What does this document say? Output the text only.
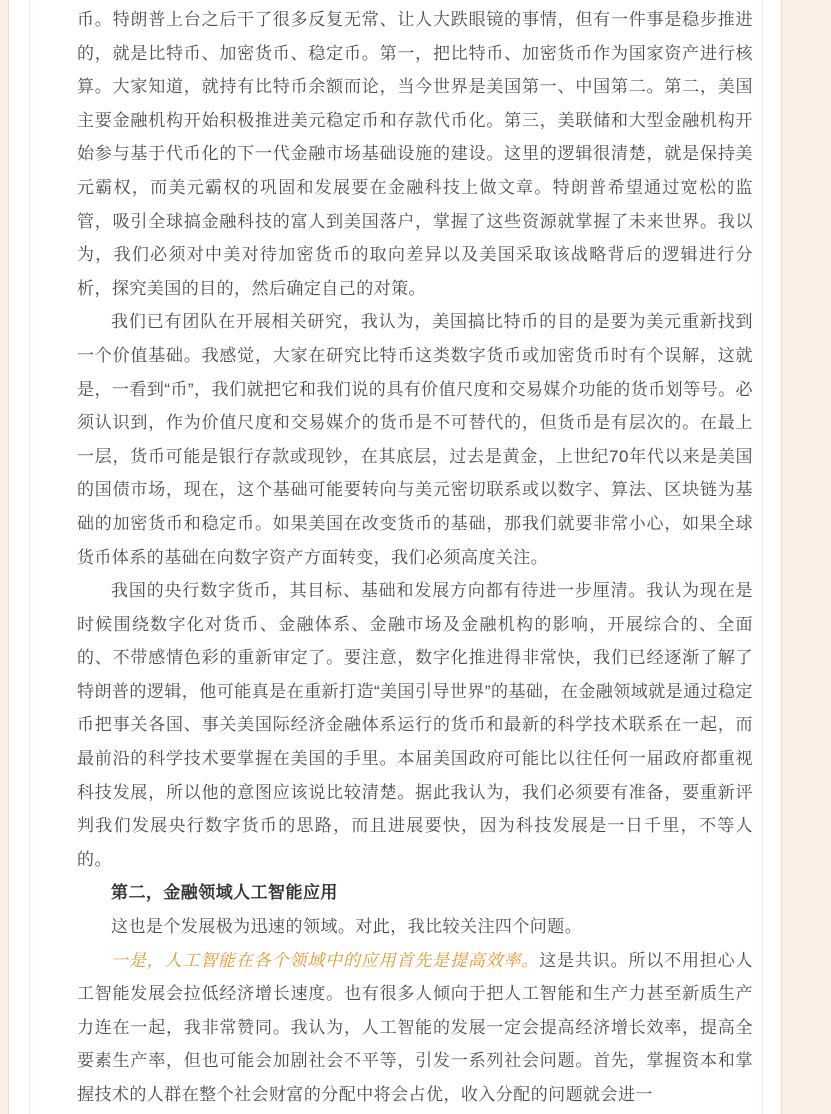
币。特朗普上台之后干了很多反复无常、让人大跌眼镜的事情，但有一件事是稳步推进的，就是比特币、加密货币、稳定币。第一，把比特币、加密货币作为国家资产进行核算。大家知道，就持有比特币余额而论，当今世界是美国第一、中国第二。第二，美国主要金融机构开始积极推进美元稳定币和存款代币化。第三，美联储和大型金融机构开始参与基于代币化的下一代金融市场基础设施的建设。这里的逻辑很清楚，就是保持美元霸权，而美元霸权的巩固和发展要在金融科技上做文章。特朗普希望通过宽松的监管，吸引全球搞金融科技的富人到美国落户，掌握了这些资源就掌握了未来世界。我以为，我们必须对中美对待加密货币的取向差异以及美国采取该战略背后的逻辑进行分析，探究美国的目的，然后确定自己的对策。

我们已有团队在开展相关研究，我认为，美国搞比特币的目的是要为美元重新找到一个价值基础。我感觉，大家在研究比特币这类数字货币或加密货币时有个误解，这就是，一看到“币”，我们就把它和我们说的具有价值尺度和交易媒介功能的货币划等号。必须认识到，作为价值尺度和交易媒介的货币是不可替代的，但货币是有层次的。在最上一层，货币可能是银行存款或现钞，在其底层，过去是黄金，上世纪70年代以来是美国的国债市场，现在，这个基础可能要转向与美元密切联系或以数字、算法、区块链为基础的加密货币和稳定币。如果美国在改变货币的基础，那我们就要非常小心，如果全球货币体系的基础在向数字资产方面转变，我们必须高度关注。

我国的央行数字货币，其目标、基础和发展方向都有待进一步厘清。我认为现在是时候围绕数字化对货币、金融体系、金融市场及金融机构的影响，开展综合的、全面的、不带感情色彩的重新审定了。要注意，数字化推进得非常快，我们已经逐渐了解了特朗普的逻辑，他可能真是在重新打造“美国引导世界”的基础，在金融领域就是通过稳定币把事关各国、事关美国际经济金融体系运行的货币和最新的科学技术联系在一起，而最前沿的科学技术要掌握在美国的手里。本届美国政府可能比以往任何一届政府都重视科技发展，所以他的意图应该说比较清楚。据此我认为，我们必须要有准备，要重新评判我们发展央行数字货币的思路，而且进展要快，因为科技发展是一日千里，不等人的。

第二，金融领域人工智能应用

这也是个发展极为迅速的领域。对此，我比较关注四个问题。

一是，人工智能在各个领域中的应用首先是提高效率。这是共识。所以不用担心人工智能发展会拉低经济增长速度。也有很多人倾向于把人工智能和生产力甚至新质生产力连在一起，我非常赞同。我认为，人工智能的发展一定会提高经济增长效率，提高全要素生产率，但也可能会加剧社会不平等，引发一系列社会问题。首先，掌握资本和掌握技术的人群在整个社会财富的分配中将会占优，收入分配的问题就会进一
